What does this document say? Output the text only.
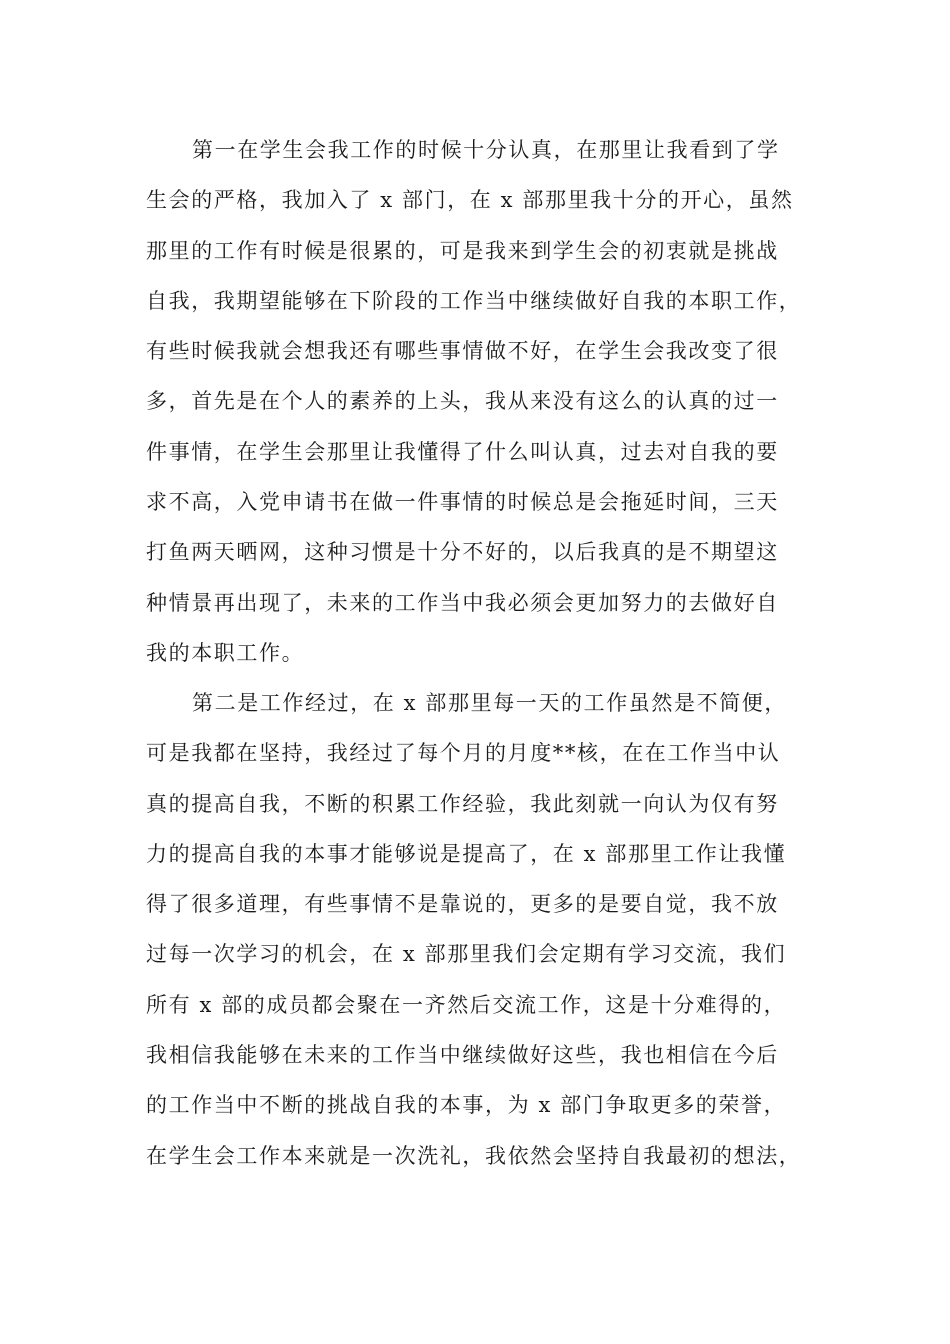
第一在学生会我工作的时候十分认真，在那里让我看到了学
生会的严格，我加入了 x 部门，在 x 部那里我十分的开心，虽然
那里的工作有时候是很累的，可是我来到学生会的初衷就是挑战
自我，我期望能够在下阶段的工作当中继续做好自我的本职工作，
有些时候我就会想我还有哪些事情做不好，在学生会我改变了很
多，首先是在个人的素养的上头，我从来没有这么的认真的过一
件事情，在学生会那里让我懂得了什么叫认真，过去对自我的要
求不高，入党申请书在做一件事情的时候总是会拖延时间，三天
打鱼两天晒网，这种习惯是十分不好的，以后我真的是不期望这
种情景再出现了，未来的工作当中我必须会更加努力的去做好自
我的本职工作。
第二是工作经过，在 x 部那里每一天的工作虽然是不简便，
可是我都在坚持，我经过了每个月的月度**核，在在工作当中认
真的提高自我，不断的积累工作经验，我此刻就一向认为仅有努
力的提高自我的本事才能够说是提高了，在 x 部那里工作让我懂
得了很多道理，有些事情不是靠说的，更多的是要自觉，我不放
过每一次学习的机会，在 x 部那里我们会定期有学习交流，我们
所有 x 部的成员都会聚在一齐然后交流工作，这是十分难得的，
我相信我能够在未来的工作当中继续做好这些，我也相信在今后
的工作当中不断的挑战自我的本事，为 x 部门争取更多的荣誉，
在学生会工作本来就是一次洗礼，我依然会坚持自我最初的想法，
